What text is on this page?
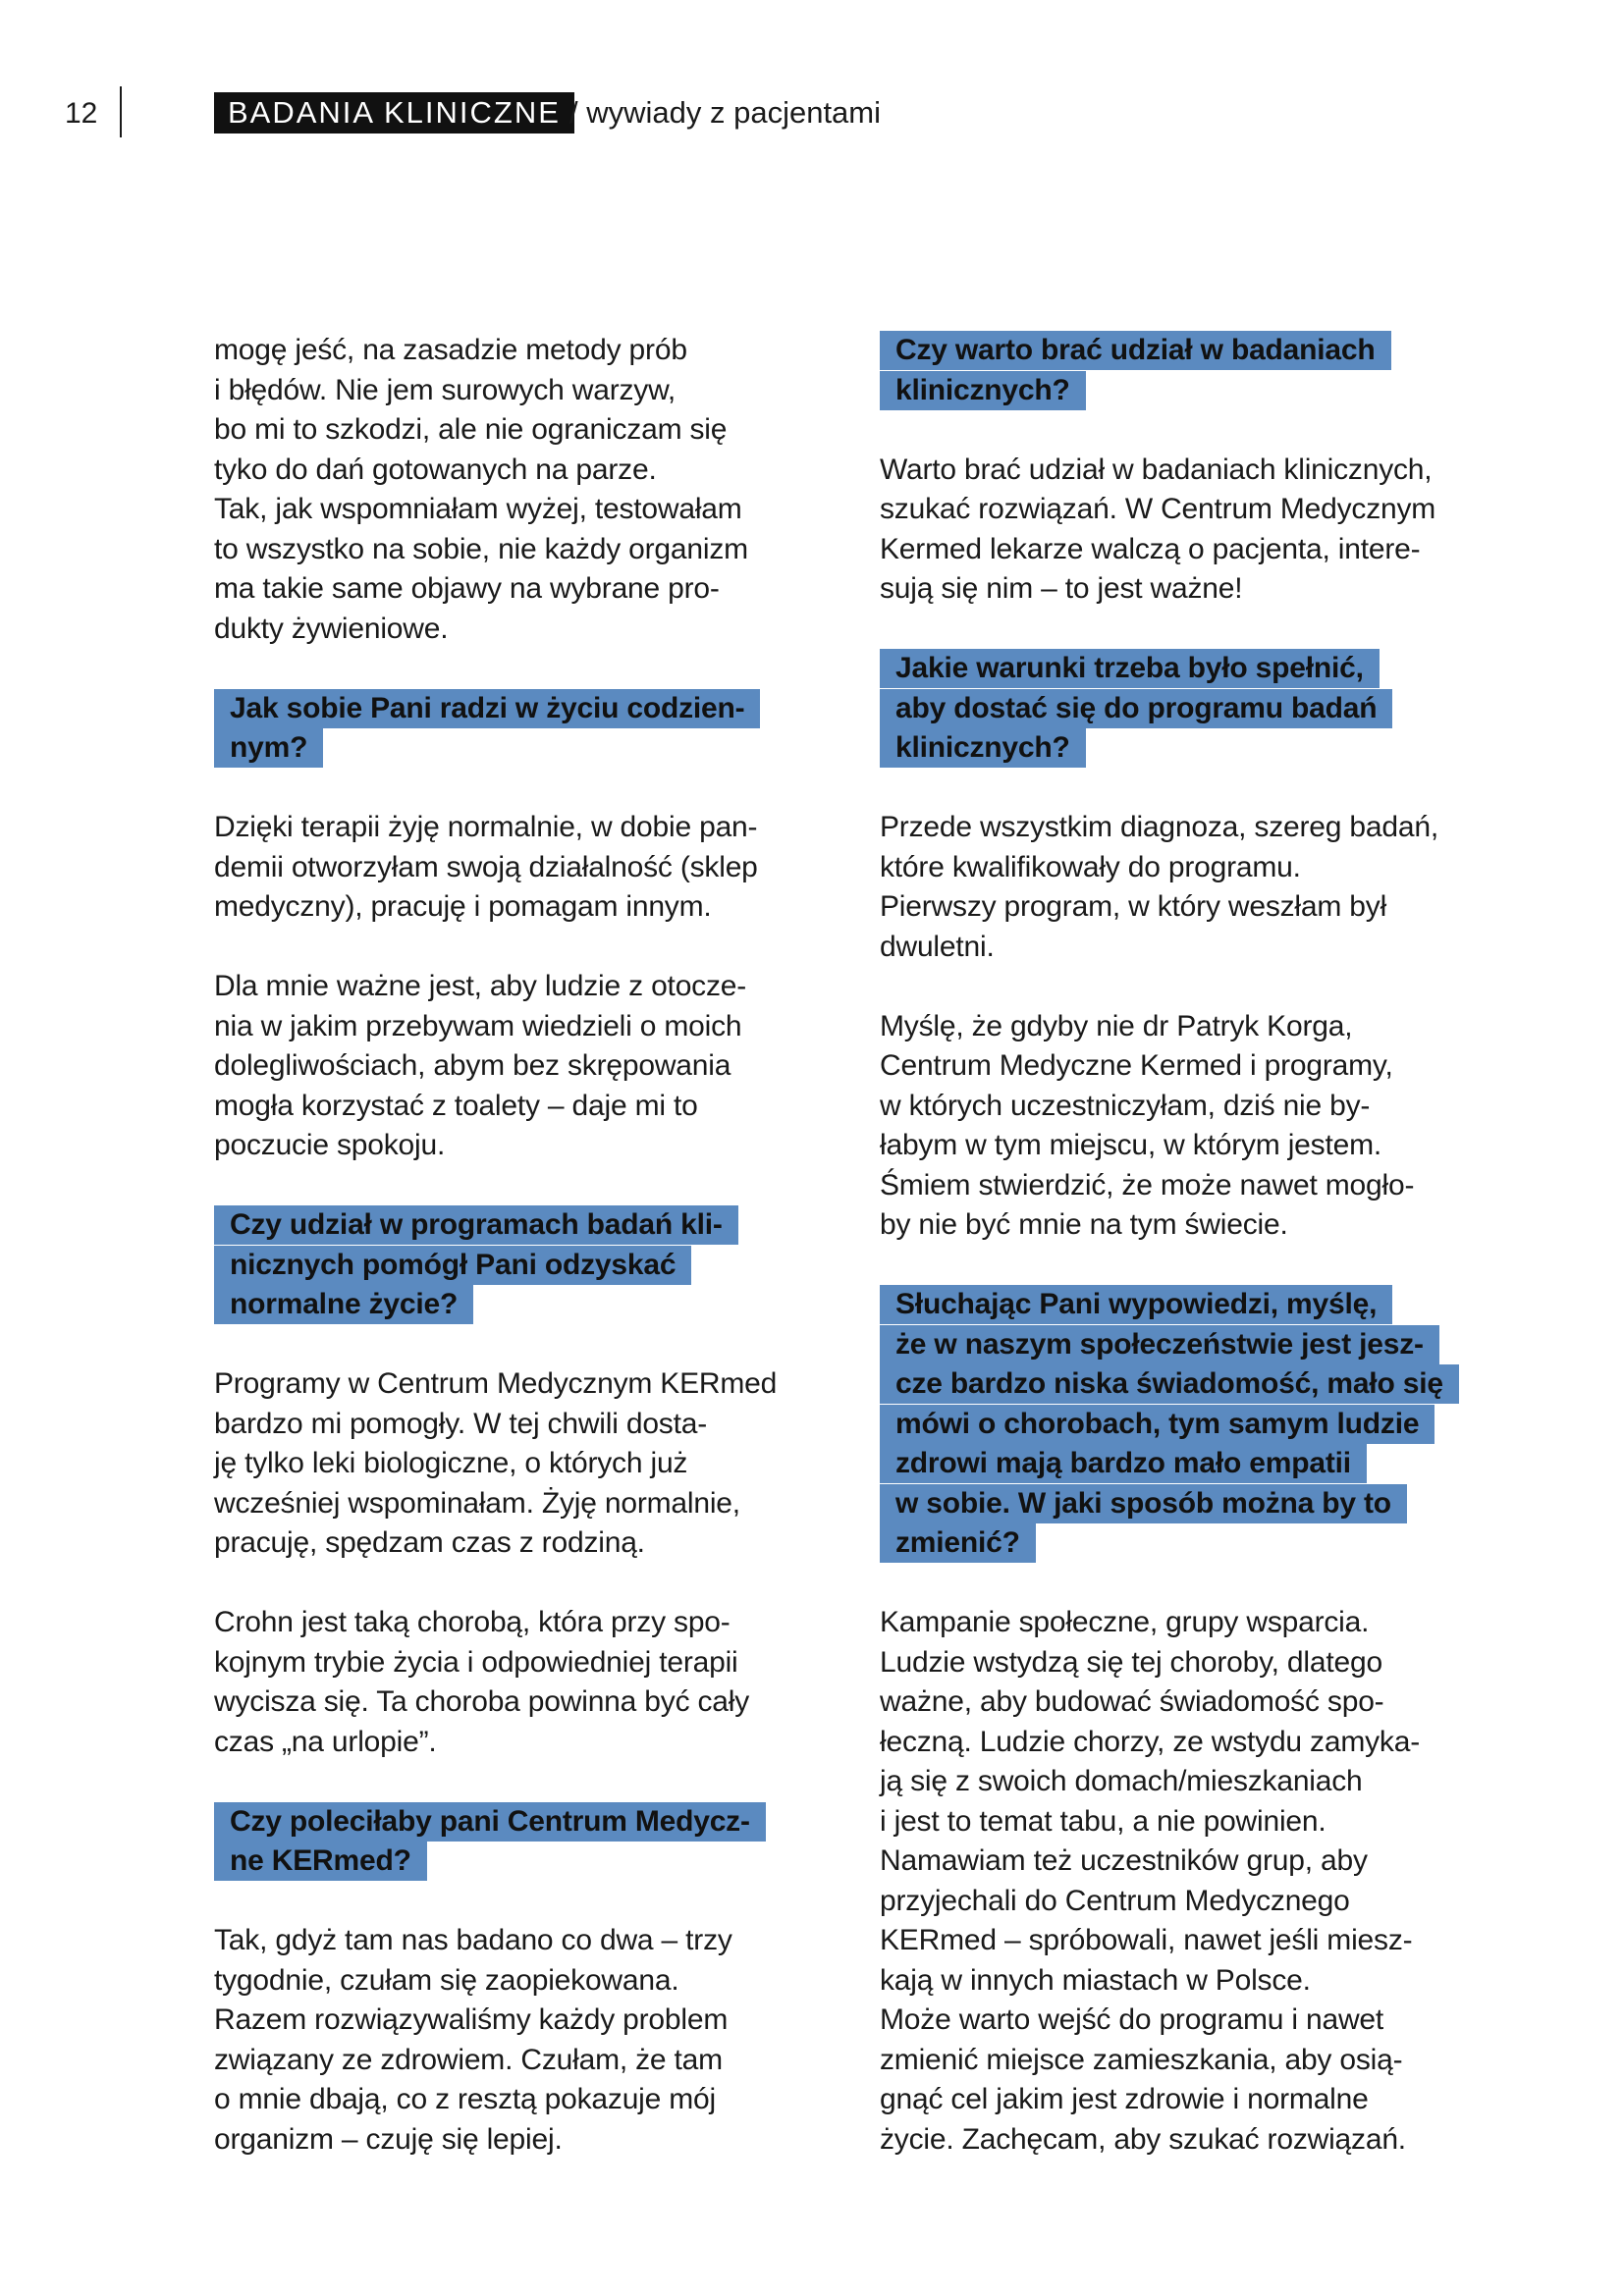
12	BADANIA KLINICZNE / wywiady z pacjentami
mogę jeść, na zasadzie metody prób
i błędów. Nie jem surowych warzyw,
bo mi to szkodzi, ale nie ograniczam się
tyko do dań gotowanych na parze.
Tak, jak wspomniałam wyżej, testowałam
to wszystko na sobie, nie każdy organizm
ma takie same objawy na wybrane pro-
dukty żywieniowe.
Jak sobie Pani radzi w życiu codzien-
nym?
Dzięki terapii żyję normalnie, w dobie pan-
demii otworzyłam swoją działalność (sklep
medyczny), pracuję i pomagam innym.
Dla mnie ważne jest, aby ludzie z otocze-
nia w jakim przebywam wiedzieli o moich
dolegliwościach, abym bez skrępowania
mogła korzystać z toalety – daje mi to
poczucie spokoju.
Czy udział w programach badań kli-
nicznych pomógł Pani odzyskać
normalne życie?
Programy w Centrum Medycznym KERmed
bardzo mi pomogły. W tej chwili dosta-
ję tylko leki biologiczne, o których już
wcześniej wspominałam. Żyję normalnie,
pracuję, spędzam czas z rodziną.
Crohn jest taką chorobą, która przy spo-
kojnym trybie życia i odpowiedniej terapii
wycisza się. Ta choroba powinna być cały
czas „na urlopie”.
Czy poleciłaby pani Centrum Medycz-
ne KERmed?
Tak, gdyż tam nas badano co dwa – trzy
tygodnie, czułam się zaopiekowana.
Razem rozwiązywaliśmy każdy problem
związany ze zdrowiem. Czułam, że tam
o mnie dbają, co z resztą pokazuje mój
organizm – czuję się lepiej.
Czy warto brać udział w badaniach
klinicznych?
Warto brać udział w badaniach klinicznych,
szukać rozwiązań. W Centrum Medycznym
Kermed lekarze walczą o pacjenta, intere-
sują się nim – to jest ważne!
Jakie warunki trzeba było spełnić,
aby dostać się do programu badań
klinicznych?
Przede wszystkim diagnoza, szereg badań,
które kwalifikowały do programu.
Pierwszy program, w który weszłam był
dwuletni.
Myślę, że gdyby nie dr Patryk Korga,
Centrum Medyczne Kermed i programy,
w których uczestniczyłam, dziś nie by-
łabym w tym miejscu, w którym jestem.
Śmiem stwierdzić, że może nawet mogło-
by nie być mnie na tym świecie.
Słuchając Pani wypowiedzi, myślę,
że w naszym społeczeństwie jest jesz-
cze bardzo niska świadomość, mało się
mówi o chorobach, tym samym ludzie
zdrowi mają bardzo mało empatii
w sobie. W jaki sposób można by to
zmienić?
Kampanie społeczne, grupy wsparcia.
Ludzie wstydzą się tej choroby, dlatego
ważne, aby budować świadomość spo-
łeczną. Ludzie chorzy, ze wstydu zamyka-
ją się z swoich domach/mieszkaniach
i jest to temat tabu, a nie powinien.
Namawiam też uczestników grup, aby
przyjechali do Centrum Medycznego
KERmed – spróbowali, nawet jeśli miesz-
kają w innych miastach w Polsce.
Może warto wejść do programu i nawet
zmienić miejsce zamieszkania, aby osią-
gnąć cel jakim jest zdrowie i normalne
życie. Zachęcam, aby szukać rozwiązań.
